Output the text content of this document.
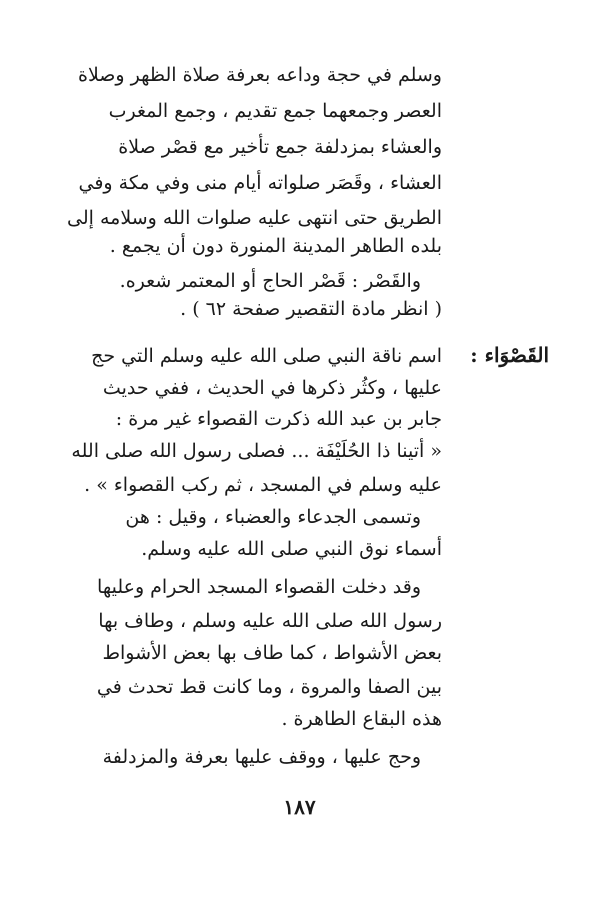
وسلم في حجة وداعه بعرفة صلاة الظهر وصلاة
العصر وجمعهما جمع تقديم ، وجمع المغرب
والعشاء بمزدلفة جمع تأخير مع قصْر صلاة
العشاء ، وقَصَر صلواته أيام منى وفي مكة وفي
الطريق حتى انتهى عليه صلوات الله وسلامه إلى
بلده الطاهر المدينة المنورة دون أن يجمع .
والقَصْر : قَصْر الحاج أو المعتمر شعره.
( انظر مادة التقصير صفحة ٦٢ ) .
القَصْوَاء :
اسم ناقة النبي صلى الله عليه وسلم التي حج
عليها ، وكثُر ذكرها في الحديث ، ففي حديث
جابر بن عبد الله ذكرت القصواء غير مرة :
« أتينا ذا الحُلَيْفَة ... فصلى رسول الله صلى الله
عليه وسلم في المسجد ، ثم ركب القصواء » .
وتسمى الجدعاء والعضباء ، وقيل : هن
أسماء نوق النبي صلى الله عليه وسلم.
وقد دخلت القصواء المسجد الحرام وعليها
رسول الله صلى الله عليه وسلم ، وطاف بها
بعض الأشواط ، كما طاف بها بعض الأشواط
بين الصفا والمروة ، وما كانت قط تحدث في
هذه البقاع الطاهرة .
وحج عليها ، ووقف عليها بعرفة والمزدلفة
١٨٧
